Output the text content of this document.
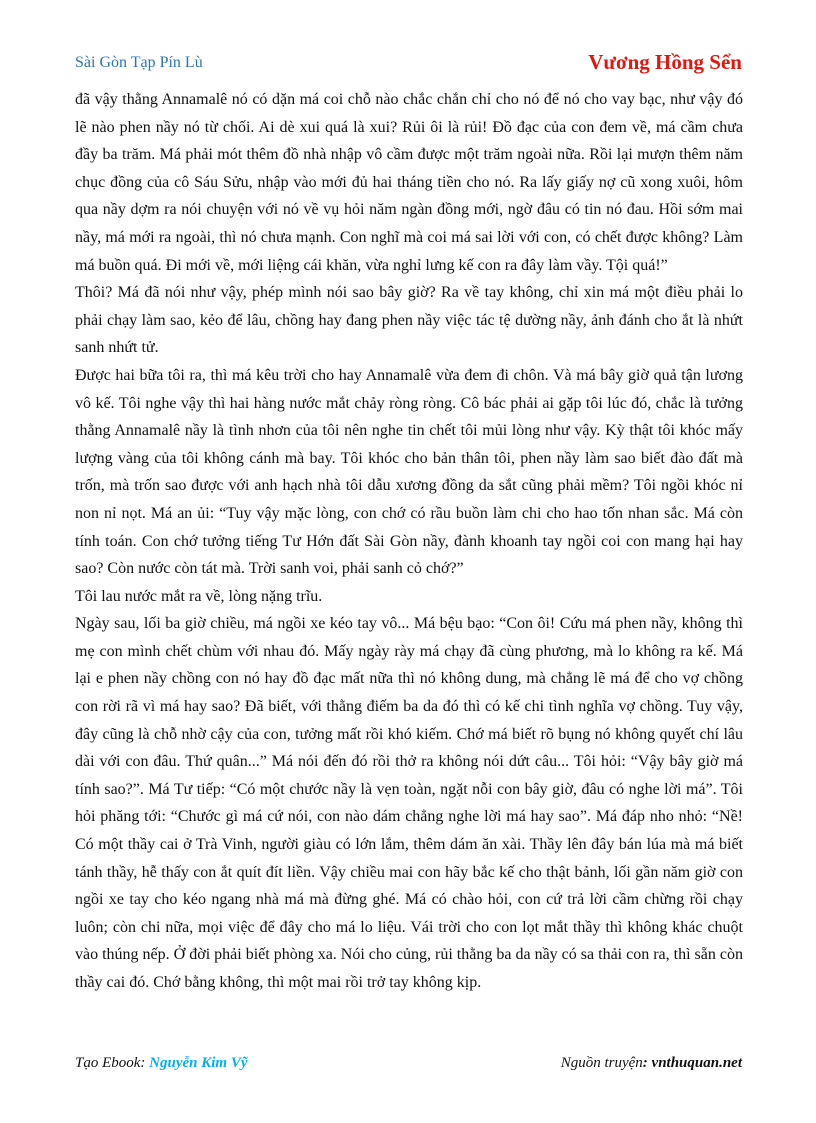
Sài Gòn Tạp Pín Lù	Vương Hồng Sển

đã vậy thằng Annamalê nó có dặn má coi chỗ nào chắc chắn chỉ cho nó để nó cho vay bạc, như vậy đó lẽ nào phen nầy nó từ chối. Ai dè xui quá là xui? Rủi ôi là rủi! Đồ đạc của con đem về, má cầm chưa đầy ba trăm. Má phải mót thêm đồ nhà nhập vô cầm được một trăm ngoài nữa. Rồi lại mượn thêm năm chục đồng của cô Sáu Sửu, nhập vào mới đủ hai tháng tiền cho nó. Ra lấy giấy nợ cũ xong xuôi, hôm qua nầy dợm ra nói chuyện với nó về vụ hỏi năm ngàn đồng mới, ngờ đâu có tin nó đau. Hồi sớm mai nầy, má mới ra ngoài, thì nó chưa mạnh. Con nghĩ mà coi má sai lời với con, có chết được không? Làm má buồn quá. Đi mới về, mới liệng cái khăn, vừa nghỉ lưng kế con ra đây làm vầy. Tội quá!”

Thôi? Má đã nói như vậy, phép mình nói sao bây giờ? Ra về tay không, chỉ xin má một điều phải lo phải chạy làm sao, kẻo để lâu, chồng hay đang phen nầy việc tác tệ dường nầy, ảnh đánh cho ắt là nhứt sanh nhứt tử.

Được hai bữa tôi ra, thì má kêu trời cho hay Annamalê vừa đem đi chôn. Và má bây giờ quả tận lương vô kế. Tôi nghe vậy thì hai hàng nước mắt chảy ròng ròng. Cô bác phải ai gặp tôi lúc đó, chắc là tưởng thằng Annamalê nầy là tình nhơn của tôi nên nghe tin chết tôi mủi lòng như vậy. Kỳ thật tôi khóc mấy lượng vàng của tôi không cánh mà bay. Tôi khóc cho bản thân tôi, phen nầy làm sao biết đào đất mà trốn, mà trốn sao được với anh hạch nhà tôi dẫu xương đồng da sắt cũng phải mềm? Tôi ngồi khóc nỉ non nỉ nọt. Má an ủi: “Tuy vậy mặc lòng, con chớ có rầu buồn làm chi cho hao tốn nhan sắc. Má còn tính toán. Con chớ tưởng tiếng Tư Hớn đất Sài Gòn nầy, đành khoanh tay ngồi coi con mang hại hay sao? Còn nước còn tát mà. Trời sanh voi, phải sanh cỏ chớ?”

Tôi lau nước mắt ra về, lòng nặng trĩu.

Ngày sau, lối ba giờ chiều, má ngồi xe kéo tay vô... Má bệu bạo: “Con ôi! Cứu má phen nầy, không thì mẹ con mình chết chùm với nhau đó. Mấy ngày rày má chạy đã cùng phương, mà lo không ra kế. Má lại e phen nầy chồng con nó hay đồ đạc mất nữa thì nó không dung, mà chẳng lẽ má để cho vợ chồng con rời rã vì má hay sao? Đã biết, với thằng điếm ba da đó thì có kế chi tình nghĩa vợ chồng. Tuy vậy, đây cũng là chỗ nhờ cậy của con, tưởng mất rồi khó kiếm. Chớ má biết rõ bụng nó không quyết chí lâu dài với con đâu. Thứ quân...” Má nói đến đó rồi thở ra không nói dứt câu... Tôi hỏi: “Vậy bây giờ má tính sao?”. Má Tư tiếp: “Có một chước nầy là vẹn toàn, ngặt nỗi con bây giờ, đâu có nghe lời má”. Tôi hỏi phăng tới: “Chước gì má cứ nói, con nào dám chẳng nghe lời má hay sao”. Má đáp nho nhỏ: “Nề! Có một thầy cai ở Trà Vinh, người giàu có lớn lắm, thêm dám ăn xài. Thầy lên đây bán lúa mà má biết tánh thầy, hễ thấy con ắt quít đít liền. Vậy chiều mai con hãy bắc kế cho thật bảnh, lối gần năm giờ con ngồi xe tay cho kéo ngang nhà má mà đừng ghé. Má có chào hỏi, con cứ trả lời cầm chừng rồi chạy luôn; còn chi nữa, mọi việc để đây cho má lo liệu. Vái trời cho con lọt mắt thầy thì không khác chuột vào thúng nếp. Ở đời phải biết phòng xa. Nói cho củng, rủi thằng ba da nầy có sa thải con ra, thì sẵn còn thầy cai đó. Chớ bằng không, thì một mai rồi trở tay không kịp.

Tạo Ebook: Nguyễn Kim Vỹ	Nguồn truyện: vnthuquan.net
